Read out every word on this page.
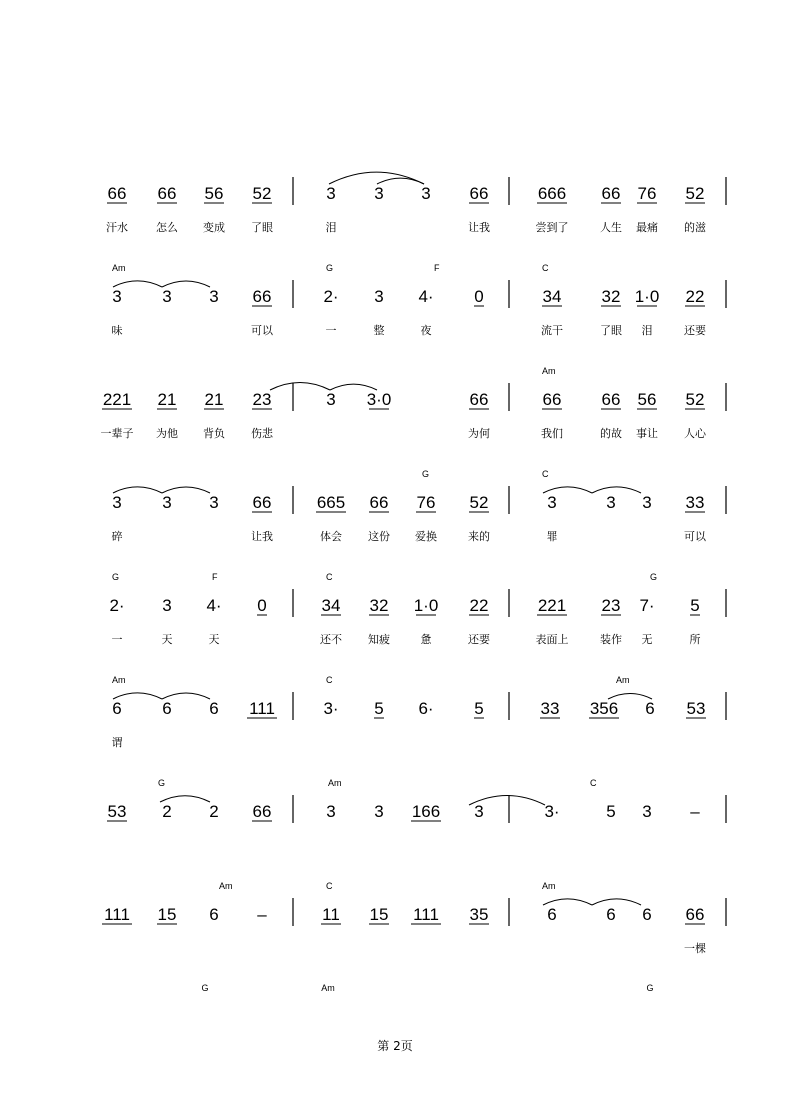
66 66 56 52	3 3 3 66	666 66 76 52
汗水	怎么 变成 了眼	泪	让我	尝到了	人生 最痛 的滋
Am	G	F	C
3 3 3 66	2· 3 4· 0	34 32 1·0 22
味	可以	一	整	夜	流干	了眼 泪	还要
Am
221 21 21 23	3 3·0	66	66 66 56 52
一辈子 为他 背负 伤悲	为何	我们	的故 事让 人心
G	C
3 3 3 66	665 66 76 52	3	3 3 33
碎	让我	体会 这份 爱换	来的	罪	可以
G	F	C	G
2· 3 4· 0	34 32 1·0 22	221 23 7· 5
一	天	天	还不 知疲	惫	还要	表面上	装作 无	所
Am	C	Am
6 6 6 111	3· 5 6· 5	33 356 6 53
谓
G	Am	C
53 2 2 66	3 3 166 3	3·	5 3 –
Am	C	Am
111 15 6 –	11 15 111 35	6	6 6 66
一棵
G	Am	G
第 2页
